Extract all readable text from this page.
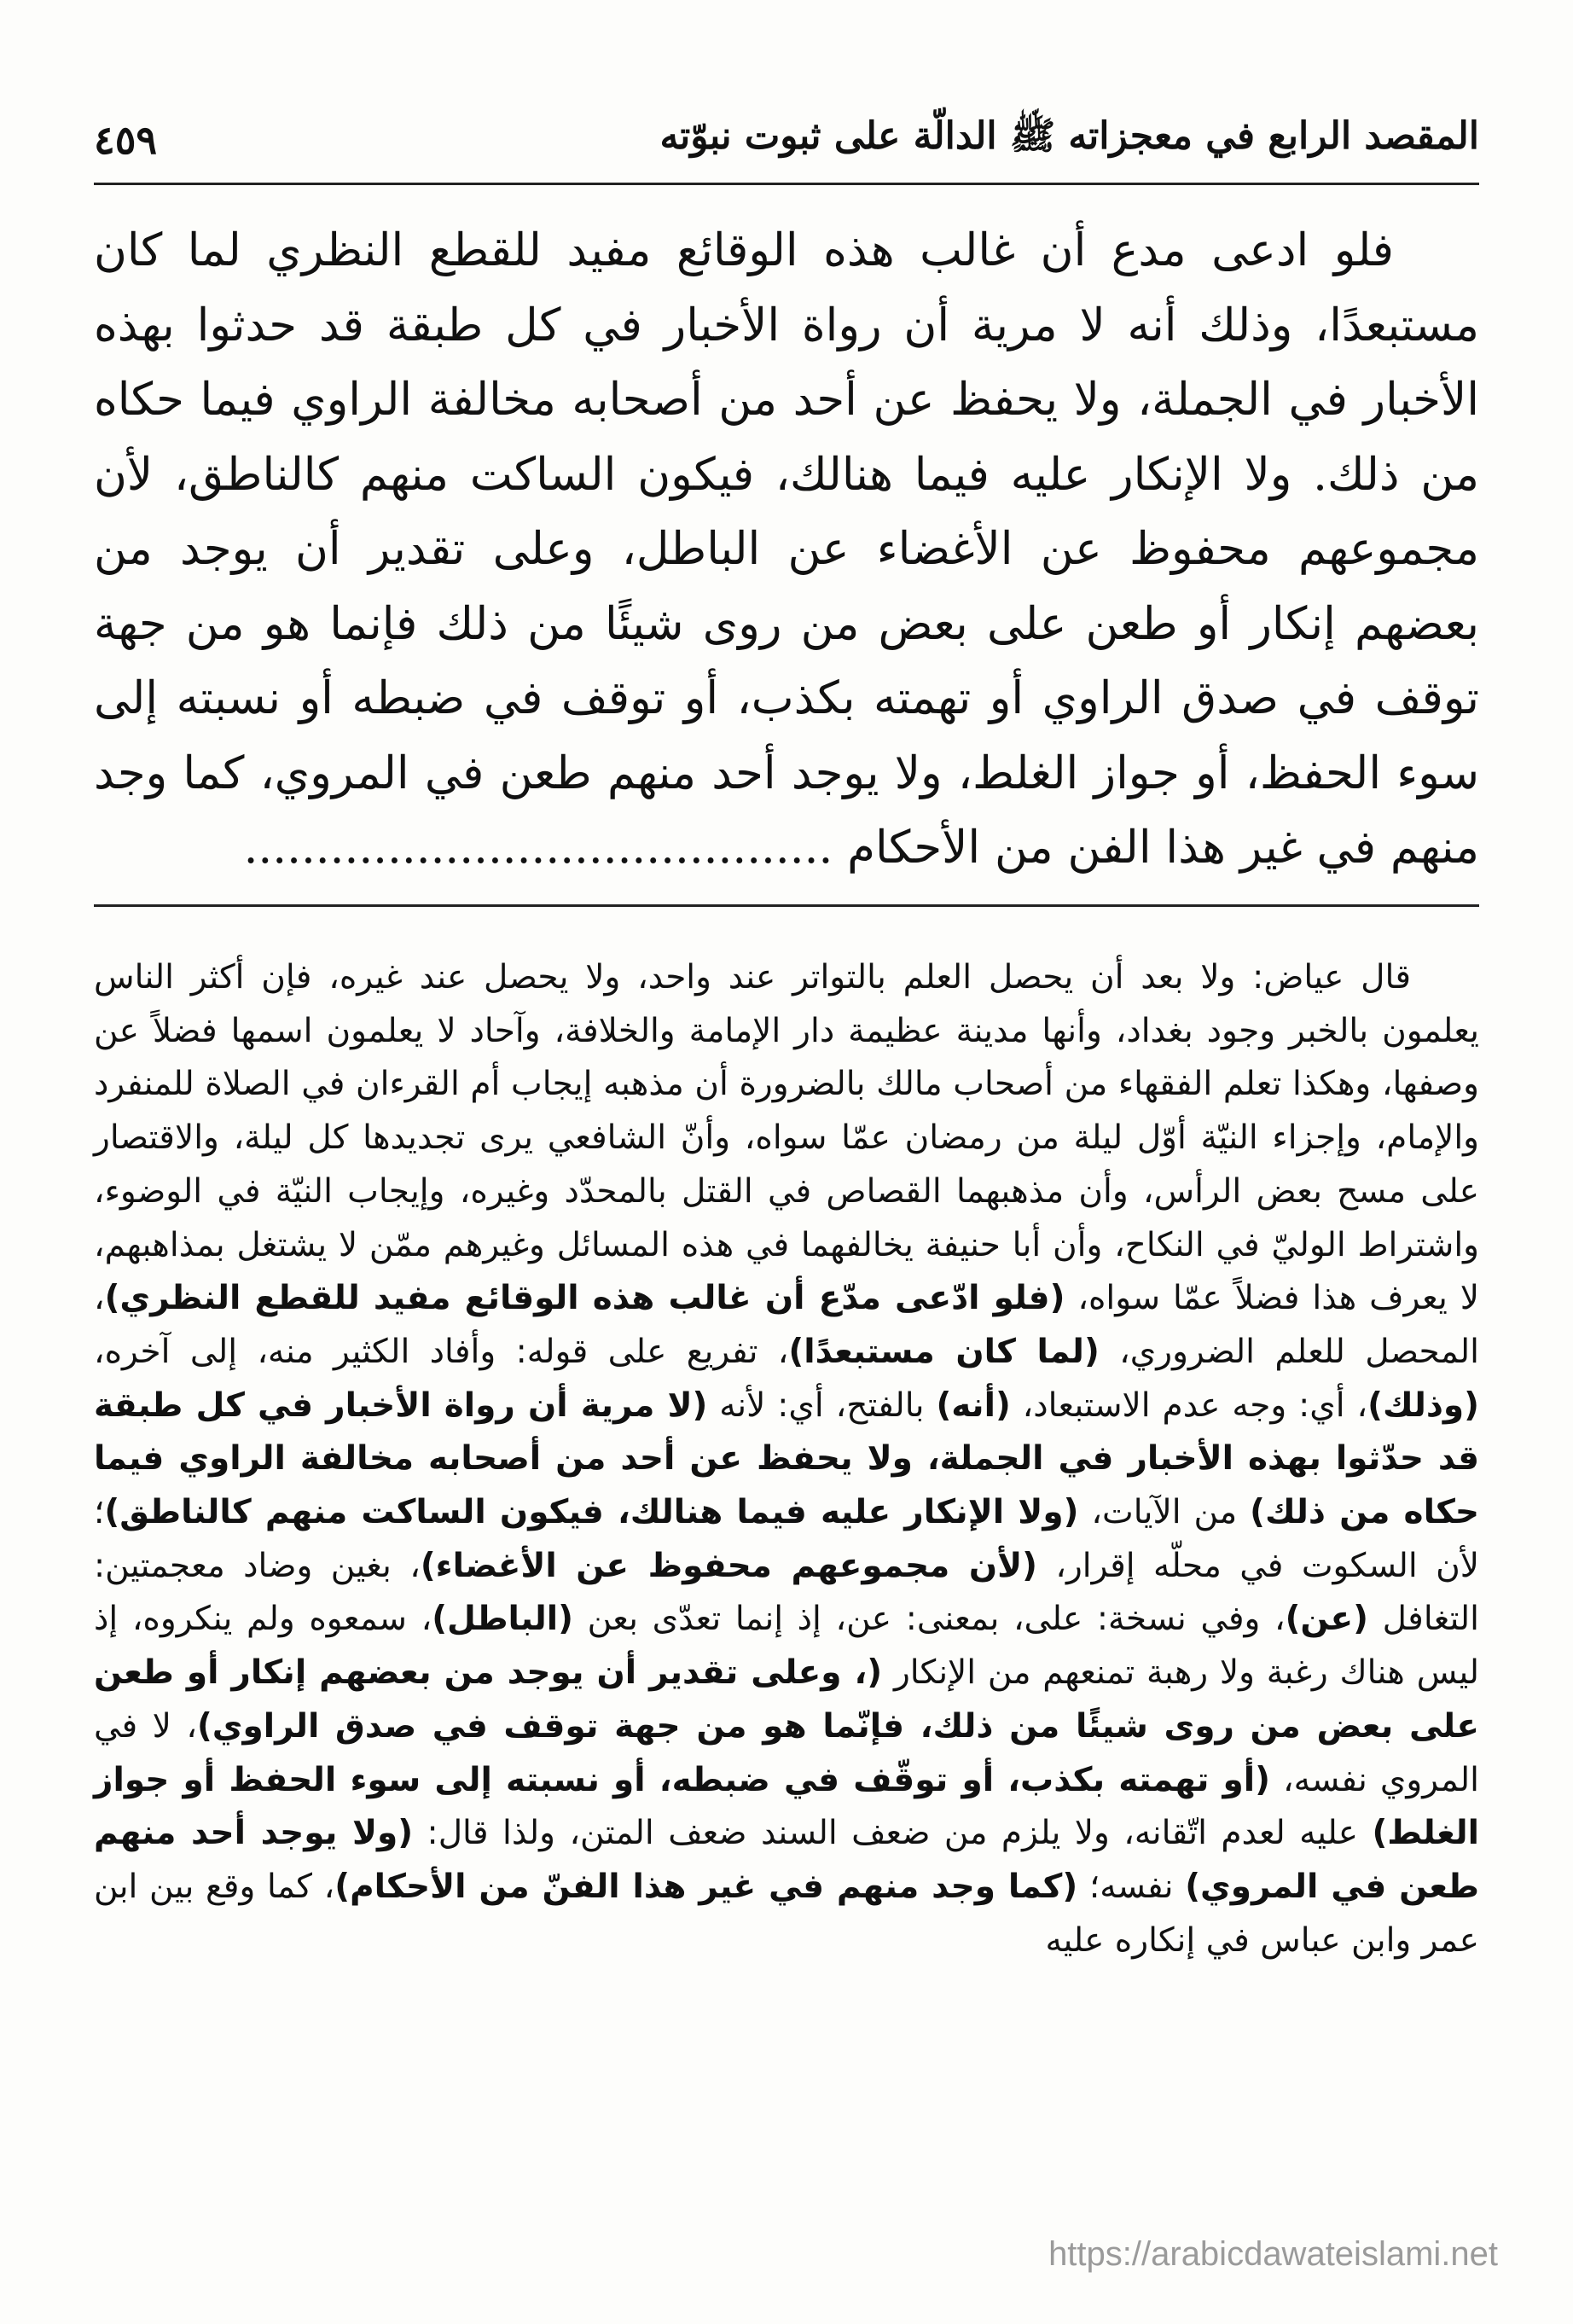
المقصد الرابع في معجزاته ﷺ الدالّة على ثبوت نبوّته
٤٥٩

فلو ادعى مدع أن غالب هذه الوقائع مفيد للقطع النظري لما كان مستبعدًا، وذلك أنه لا مرية أن رواة الأخبار في كل طبقة قد حدثوا بهذه الأخبار في الجملة، ولا يحفظ عن أحد من أصحابه مخالفة الراوي فيما حكاه من ذلك. ولا الإنكار عليه فيما هنالك، فيكون الساكت منهم كالناطق، لأن مجموعهم محفوظ عن الأغضاء عن الباطل، وعلى تقدير أن يوجد من بعضهم إنكار أو طعن على بعض من روى شيئًا من ذلك فإنما هو من جهة توقف في صدق الراوي أو تهمته بكذب، أو توقف في ضبطه أو نسبته إلى سوء الحفظ، أو جواز الغلط، ولا يوجد أحد منهم طعن في المروي، كما وجد منهم في غير هذا الفن من الأحكام .........................................

قال عياض: ولا بعد أن يحصل العلم بالتواتر عند واحد، ولا يحصل عند غيره، فإن أكثر الناس يعلمون بالخبر وجود بغداد، وأنها مدينة عظيمة دار الإمامة والخلافة، وآحاد لا يعلمون اسمها فضلاً عن وصفها، وهكذا تعلم الفقهاء من أصحاب مالك بالضرورة أن مذهبه إيجاب أم القرءان في الصلاة للمنفرد والإمام، وإجزاء النيّة أوّل ليلة من رمضان عمّا سواه، وأنّ الشافعي يرى تجديدها كل ليلة، والاقتصار على مسح بعض الرأس، وأن مذهبهما القصاص في القتل بالمحدّد وغيره، وإيجاب النيّة في الوضوء، واشتراط الوليّ في النكاح، وأن أبا حنيفة يخالفهما في هذه المسائل وغيرهم ممّن لا يشتغل بمذاهبهم، لا يعرف هذا فضلاً عمّا سواه، (فلو ادّعى مدّع أن غالب هذه الوقائع مفيد للقطع النظري)، المحصل للعلم الضروري، (لما كان مستبعدًا)، تفريع على قوله: وأفاد الكثير منه، إلى آخره، (وذلك)، أي: وجه عدم الاستبعاد، (أنه) بالفتح، أي: لأنه (لا مرية أن رواة الأخبار في كل طبقة قد حدّثوا بهذه الأخبار في الجملة، ولا يحفظ عن أحد من أصحابه مخالفة الراوي فيما حكاه من ذلك) من الآيات، (ولا الإنكار عليه فيما هنالك، فيكون الساكت منهم كالناطق)؛ لأن السكوت في محلّه إقرار، (لأن مجموعهم محفوظ عن الأغضاء)، بغين وضاد معجمتين: التغافل (عن)، وفي نسخة: على، بمعنى: عن، إذ إنما تعدّى بعن (الباطل)، سمعوه ولم ينكروه، إذ ليس هناك رغبة ولا رهبة تمنعهم من الإنكار (، وعلى تقدير أن يوجد من بعضهم إنكار أو طعن على بعض من روى شيئًا من ذلك، فإنّما هو من جهة توقف في صدق الراوي)، لا في المروي نفسه، (أو تهمته بكذب، أو توقّف في ضبطه، أو نسبته إلى سوء الحفظ أو جواز الغلط) عليه لعدم اتّقانه، ولا يلزم من ضعف السند ضعف المتن، ولذا قال: (ولا يوجد أحد منهم طعن في المروي) نفسه؛ (كما وجد منهم في غير هذا الفنّ من الأحكام)، كما وقع بين ابن عمر وابن عباس في إنكاره عليه

https://arabicdawateislami.net
